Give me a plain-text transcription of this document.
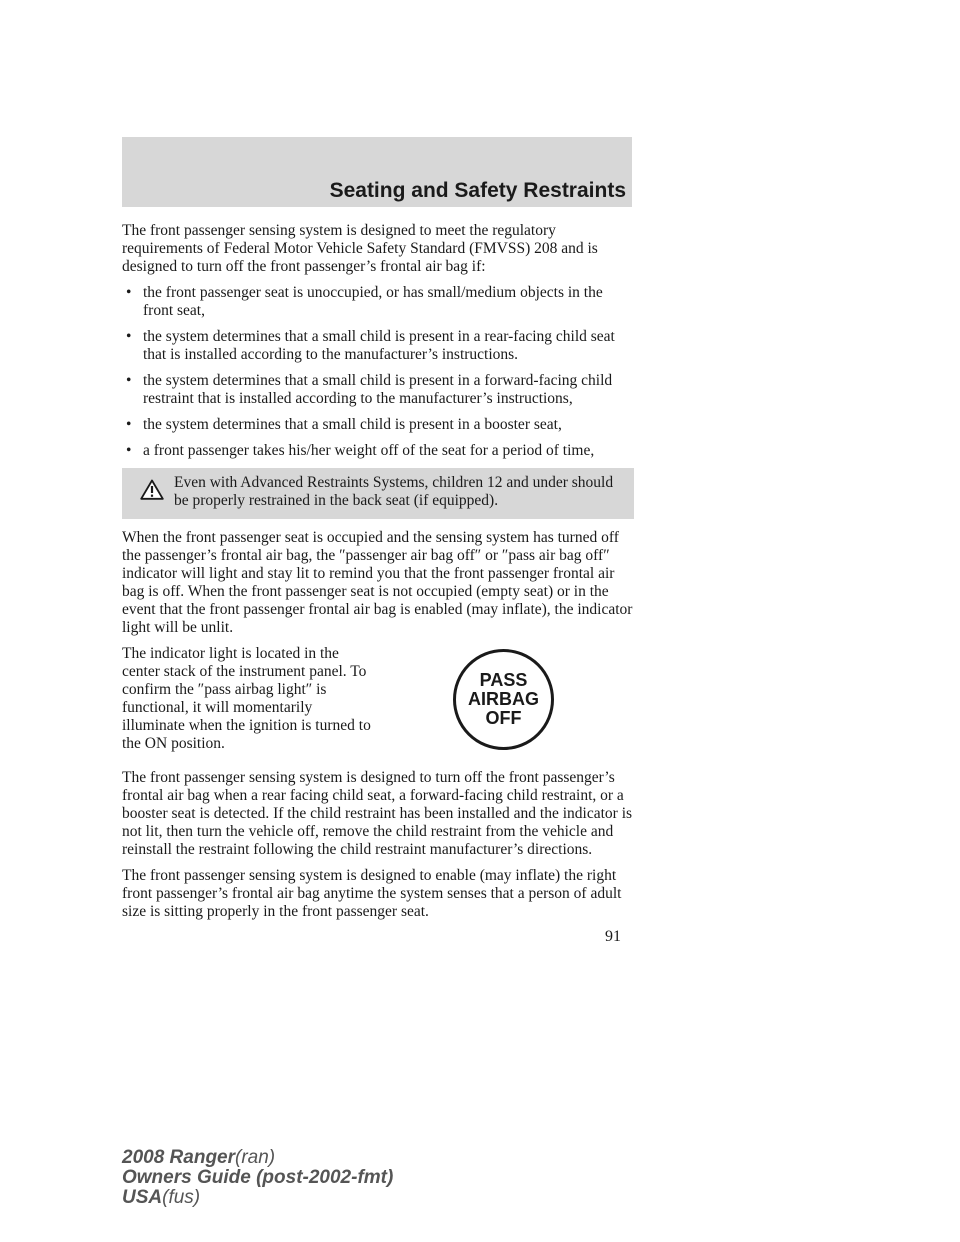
Seating and Safety Restraints

The front passenger sensing system is designed to meet the regulatory requirements of Federal Motor Vehicle Safety Standard (FMVSS) 208 and is designed to turn off the front passenger’s frontal air bag if:

• the front passenger seat is unoccupied, or has small/medium objects in the front seat,
• the system determines that a small child is present in a rear-facing child seat that is installed according to the manufacturer’s instructions.
• the system determines that a small child is present in a forward-facing child restraint that is installed according to the manufacturer’s instructions,
• the system determines that a small child is present in a booster seat,
• a front passenger takes his/her weight off of the seat for a period of time,
Even with Advanced Restraints Systems, children 12 and under should be properly restrained in the back seat (if equipped).

When the front passenger seat is occupied and the sensing system has turned off the passenger’s frontal air bag, the ″passenger air bag off″ or ″pass air bag off″ indicator will light and stay lit to remind you that the front passenger frontal air bag is off. When the front passenger seat is not occupied (empty seat) or in the event that the front passenger frontal air bag is enabled (may inflate), the indicator light will be unlit.

The indicator light is located in the center stack of the instrument panel. To confirm the ″pass airbag light″ is functional, it will momentarily illuminate when the ignition is turned to the ON position.

PASS
AIRBAG
OFF

The front passenger sensing system is designed to turn off the front passenger’s frontal air bag when a rear facing child seat, a forward-facing child restraint, or a booster seat is detected. If the child restraint has been installed and the indicator is not lit, then turn the vehicle off, remove the child restraint from the vehicle and reinstall the restraint following the child restraint manufacturer’s directions.

The front passenger sensing system is designed to enable (may inflate) the right front passenger’s frontal air bag anytime the system senses that a person of adult size is sitting properly in the front passenger seat.

91
2008 Ranger(ran)
Owners Guide (post-2002-fmt)
USA(fus)
